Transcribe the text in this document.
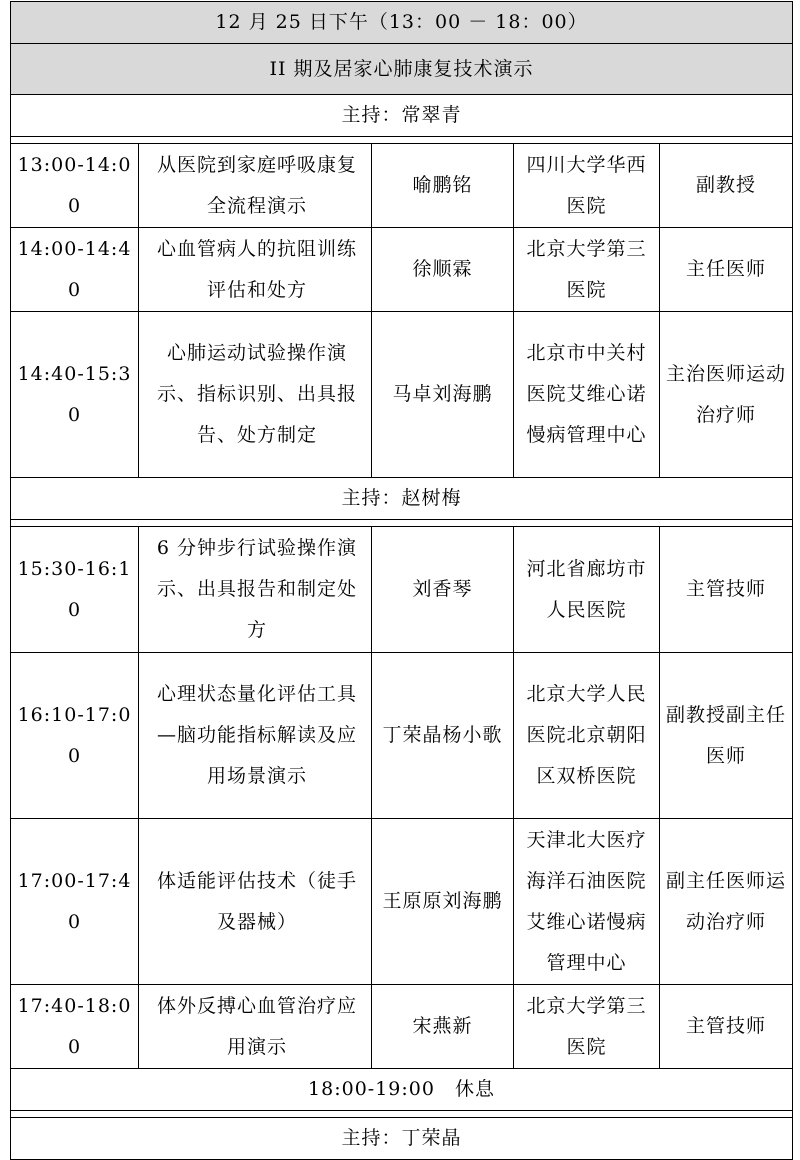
12 月 25 日下午（13：00 － 18：00）				
II 期及居家心肺康复技术演示				
主持：常翠青				

13:00-14:00	从医院到家庭呼吸康复全流程演示	喻鹏铭	四川大学华西医院	副教授
14:00-14:40	心血管病人的抗阻训练评估和处方	徐顺霖	北京大学第三医院	主任医师
14:40-15:30	心肺运动试验操作演示、指标识别、出具报告、处方制定	马卓刘海鹏	北京市中关村医院艾维心诺慢病管理中心	主治医师运动治疗师
主持：赵树梅				

15:30-16:10	6 分钟步行试验操作演示、出具报告和制定处方	刘香琴	河北省廊坊市人民医院	主管技师
16:10-17:00	心理状态量化评估工具—脑功能指标解读及应用场景演示	丁荣晶杨小歌	北京大学人民医院北京朝阳区双桥医院	副教授副主任医师
17:00-17:40	体适能评估技术（徒手及器械）	王原原刘海鹏	天津北大医疗海洋石油医院艾维心诺慢病管理中心	副主任医师运动治疗师
17:40-18:00	体外反搏心血管治疗应用演示	宋燕新	北京大学第三医院	主管技师
18:00-19:00　休息				

主持：丁荣晶				
